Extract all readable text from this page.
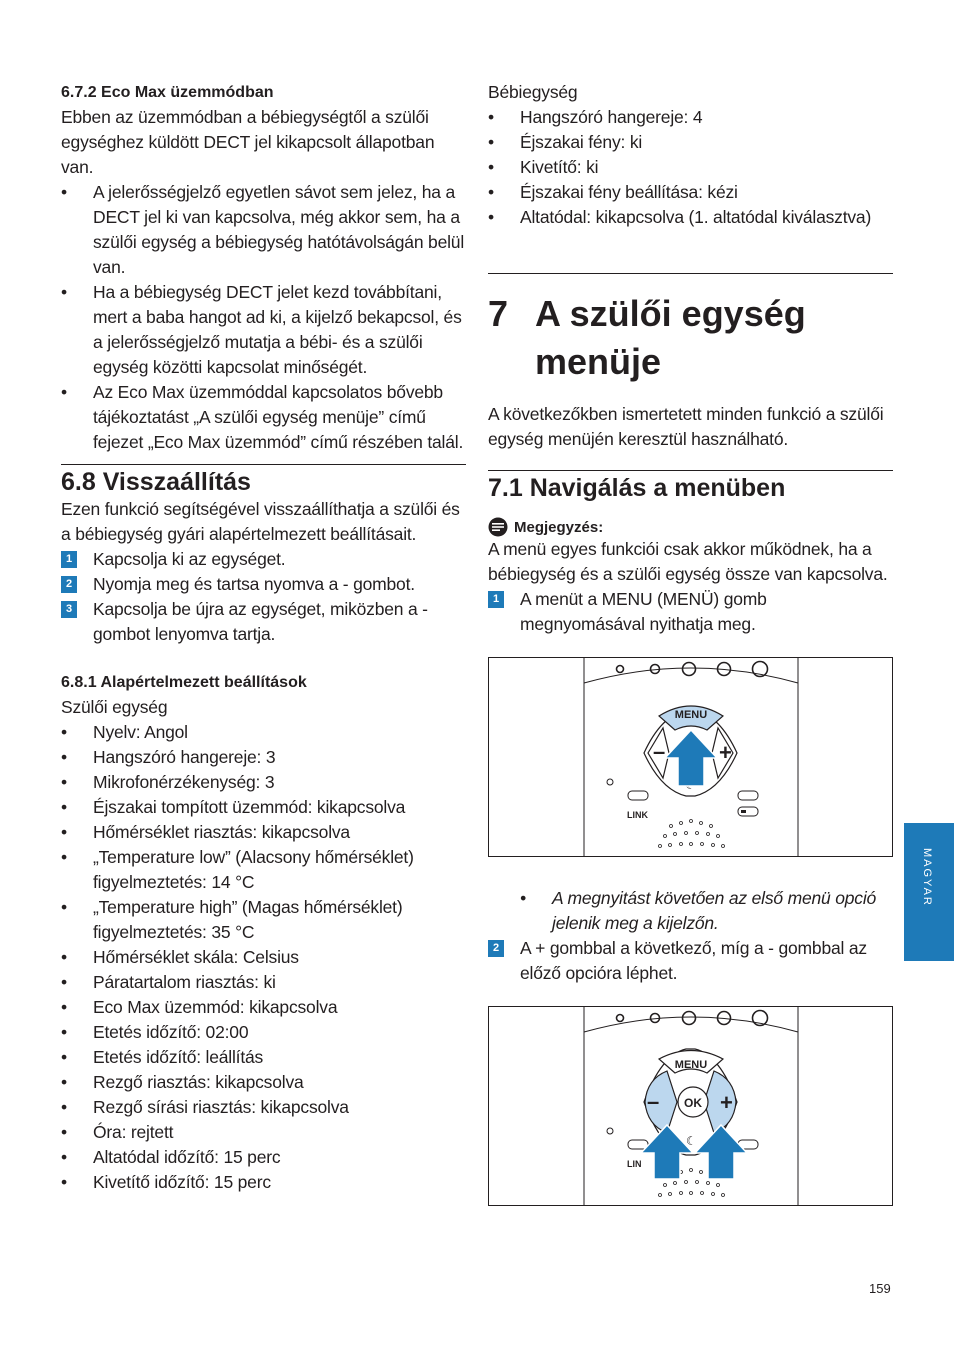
6.7.2 Eco Max üzemmódban
Ebben az üzemmódban a bébiegységtől a szülői egységhez küldött DECT jel kikapcsolt állapotban van.
• A jelerősségjelző egyetlen sávot sem jelez, ha a DECT jel ki van kapcsolva, még akkor sem, ha a szülői egység a bébiegység hatótávolságán belül van.
• Ha a bébiegység DECT jelet kezd továbbítani, mert a baba hangot ad ki, a kijelző bekapcsol, és a jelerősségjelző mutatja a bébi- és a szülői egység közötti kapcsolat minőségét.
• Az Eco Max üzemmóddal kapcsolatos bővebb tájékoztatást „A szülői egység menüje” című fejezet „Eco Max üzemmód” című részében talál.
6.8 Visszaállítás
Ezen funkció segítségével visszaállíthatja a szülői és a bébiegység gyári alapértelmezett beállításait.
1 Kapcsolja ki az egységet.
2 Nyomja meg és tartsa nyomva a - gombot.
3 Kapcsolja be újra az egységet, miközben a - gombot lenyomva tartja.
6.8.1 Alapértelmezett beállítások
Szülői egység
• Nyelv: Angol
• Hangszóró hangereje: 3
• Mikrofonérzékenység: 3
• Éjszakai tompított üzemmód: kikapcsolva
• Hőmérséklet riasztás: kikapcsolva
• „Temperature low” (Alacsony hőmérséklet) figyelmeztetés: 14 °C
• „Temperature high” (Magas hőmérséklet) figyelmeztetés: 35 °C
• Hőmérséklet skála: Celsius
• Páratartalom riasztás: ki
• Eco Max üzemmód: kikapcsolva
• Etetés időzítő: 02:00
• Etetés időzítő: leállítás
• Rezgő riasztás: kikapcsolva
• Rezgő sírási riasztás: kikapcsolva
• Óra: rejtett
• Altatódal időzítő: 15 perc
• Kivetítő időzítő: 15 perc
Bébiegység
• Hangszóró hangereje: 4
• Éjszakai fény: ki
• Kivetítő: ki
• Éjszakai fény beállítása: kézi
• Altatódal: kikapcsolva (1. altatódal kiválasztva)
7 A szülői egység menüje
A következőkben ismertetett minden funkció a szülői egység menüjén keresztül használható.
7.1 Navigálás a menüben
Megjegyzés:
A menü egyes funkciói csak akkor működnek, ha a bébiegység és a szülői egység össze van kapcsolva.
1 A menüt a MENU (MENÜ) gomb megnyomásával nyithatja meg.
MENU
– +
LINK
• A megnyitást követően az első menü opció jelenik meg a kijelzőn.
2 A + gombbal a következő, míg a - gombbal az előző opcióra léphet.
MENU
OK
–	+
☾
LIN
MAGYAR
159
